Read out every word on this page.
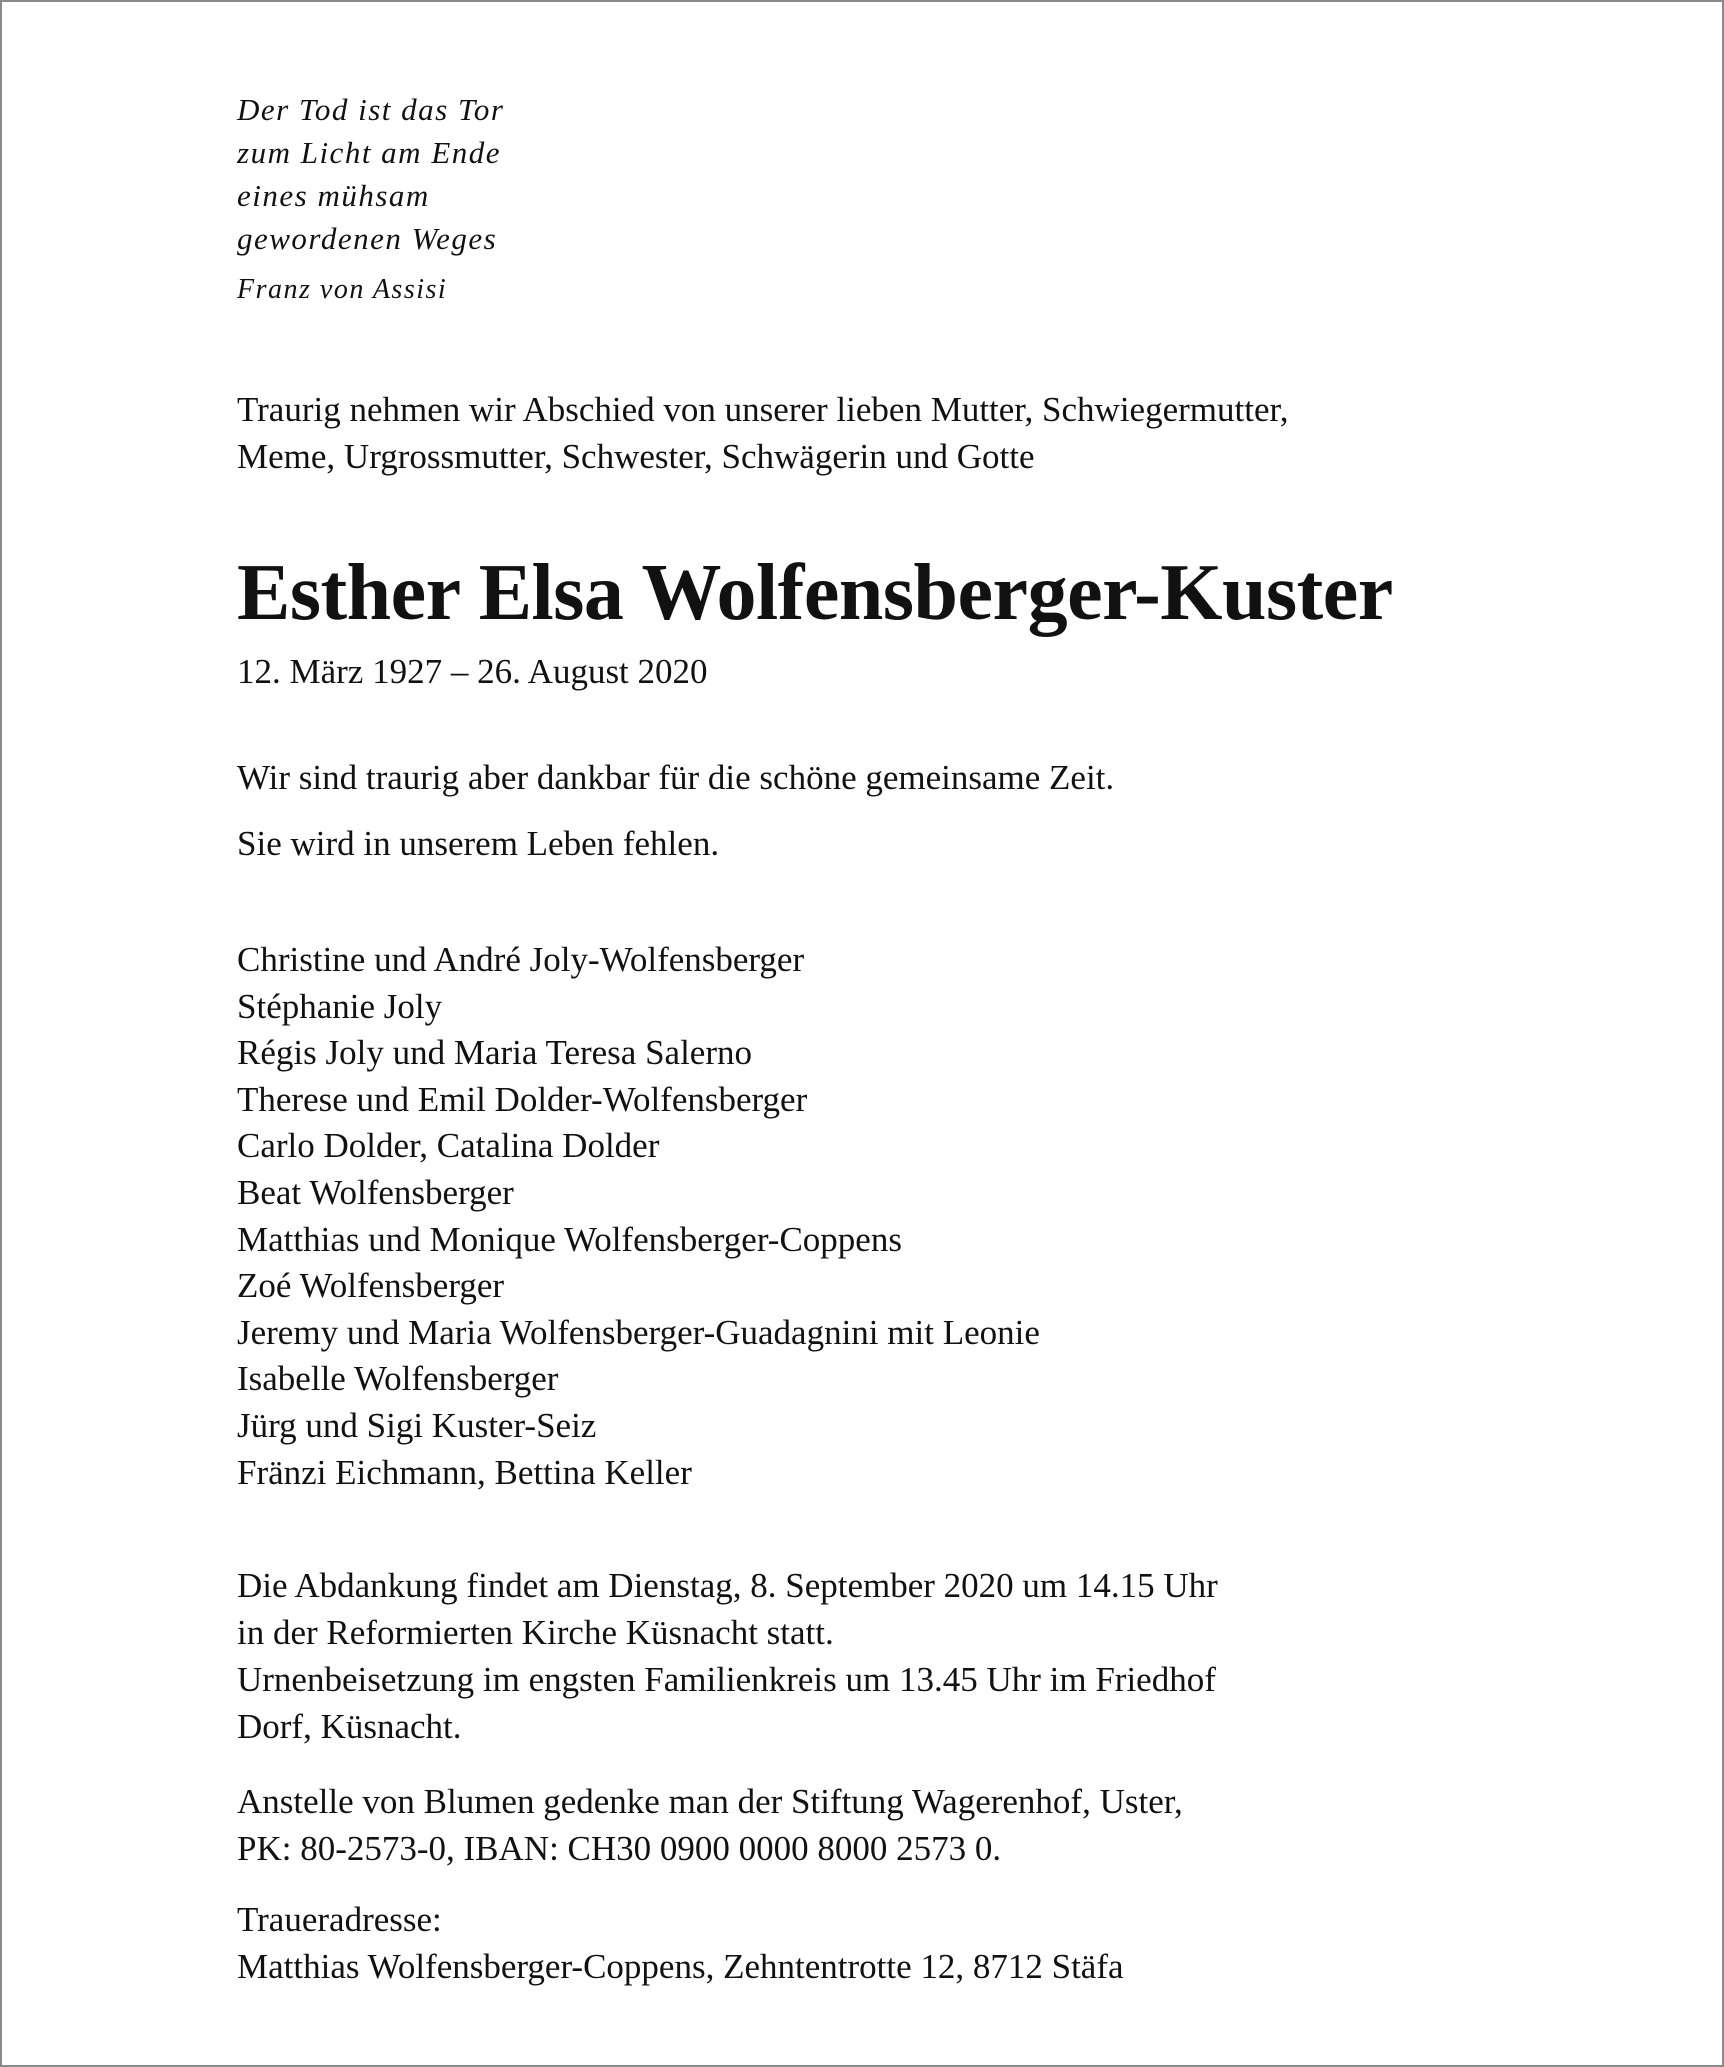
Der Tod ist das Tor
zum Licht am Ende
eines mühsam
gewordenen Weges
Franz von Assisi
Traurig nehmen wir Abschied von unserer lieben Mutter, Schwiegermutter,
Meme, Urgrossmutter, Schwester, Schwägerin und Gotte
Esther Elsa Wolfensberger-Kuster
12. März 1927 – 26. August 2020
Wir sind traurig aber dankbar für die schöne gemeinsame Zeit.
Sie wird in unserem Leben fehlen.
Christine und André Joly-Wolfensberger
Stéphanie Joly
Régis Joly und Maria Teresa Salerno
Therese und Emil Dolder-Wolfensberger
Carlo Dolder, Catalina Dolder
Beat Wolfensberger
Matthias und Monique Wolfensberger-Coppens
Zoé Wolfensberger
Jeremy und Maria Wolfensberger-Guadagnini mit Leonie
Isabelle Wolfensberger
Jürg und Sigi Kuster-Seiz
Fränzi Eichmann, Bettina Keller
Die Abdankung findet am Dienstag, 8. September 2020 um 14.15 Uhr
in der Reformierten Kirche Küsnacht statt.
Urnenbeisetzung im engsten Familienkreis um 13.45 Uhr im Friedhof
Dorf, Küsnacht.
Anstelle von Blumen gedenke man der Stiftung Wagerenhof, Uster,
PK: 80-2573-0, IBAN: CH30 0900 0000 8000 2573 0.
Traueradresse:
Matthias Wolfensberger-Coppens, Zehntentrotte 12, 8712 Stäfa
